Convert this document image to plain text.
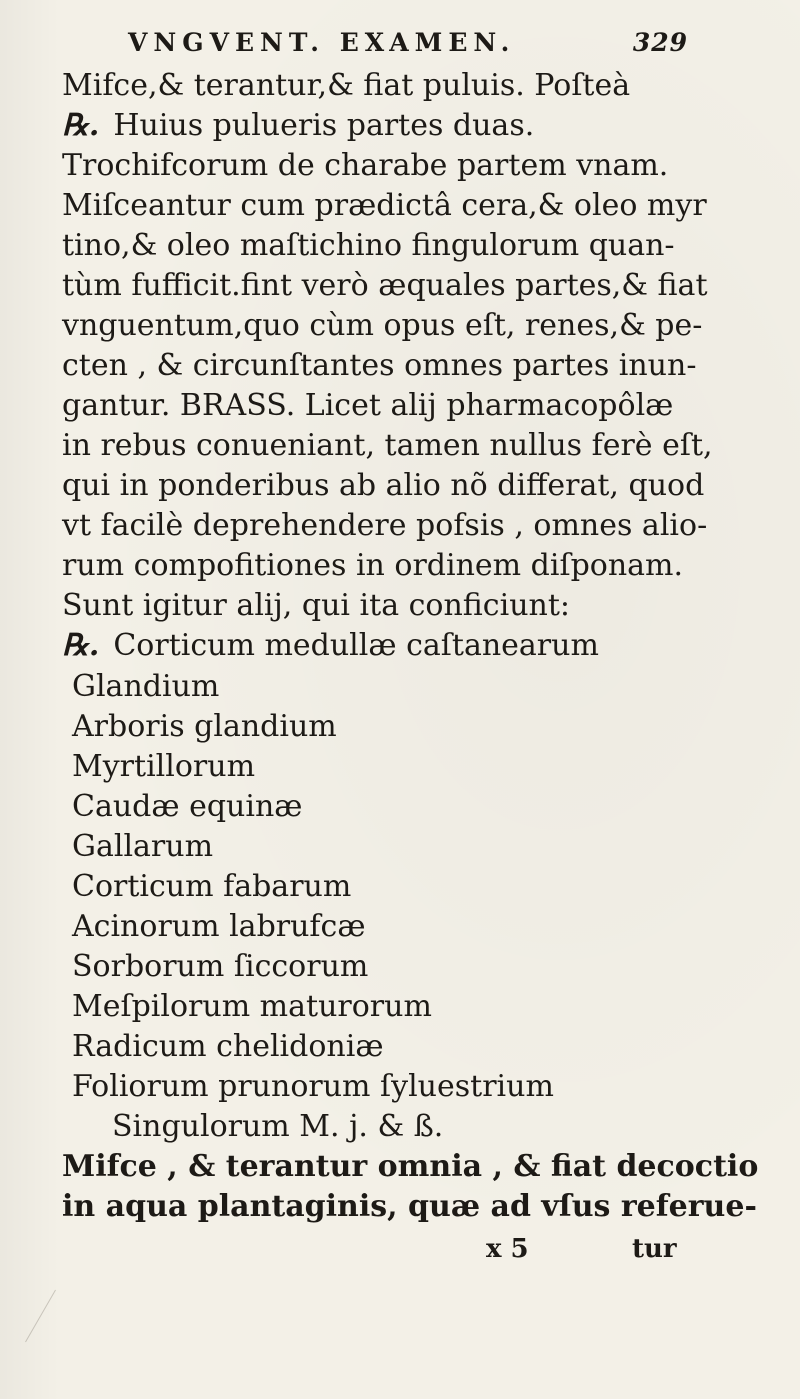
VNGVENT. EXAMEN.	329
Mifce,& terantur,& fiat puluis. Poſteà
℞. Huius pulueris partes duas.
Trochifcorum de charabe partem vnam.
Miſceantur cum prædictâ cera,& oleo myr
tino,& oleo maſtichino fingulorum quan-
tùm fufficit.fint verò æquales partes,& fiat
vnguentum,quo cùm opus eſt, renes,& pe-
cten , & circunſtantes omnes partes inun-
gantur. BRASS. Licet alij pharmacopôlæ
in rebus conueniant, tamen nullus ferè eſt,
qui in ponderibus ab alio nõ differat, quod
vt facilè deprehendere pofsis , omnes alio-
rum compofitiones in ordinem diſponam.
Sunt igitur alij, qui ita conficiunt:
℞. Corticum medullæ caſtanearum
Glandium
Arboris glandium
Myrtillorum
Caudæ equinæ
Gallarum
Corticum fabarum
Acinorum labrufcæ
Sorborum ſiccorum
Meſpilorum maturorum
Radicum chelidoniæ
Foliorum prunorum ſyluestrium
Singulorum M. j. & ß.
Mifce , & terantur omnia , & fiat decoctio
in aqua plantaginis, quæ ad vſus referue-
x 5	tur
